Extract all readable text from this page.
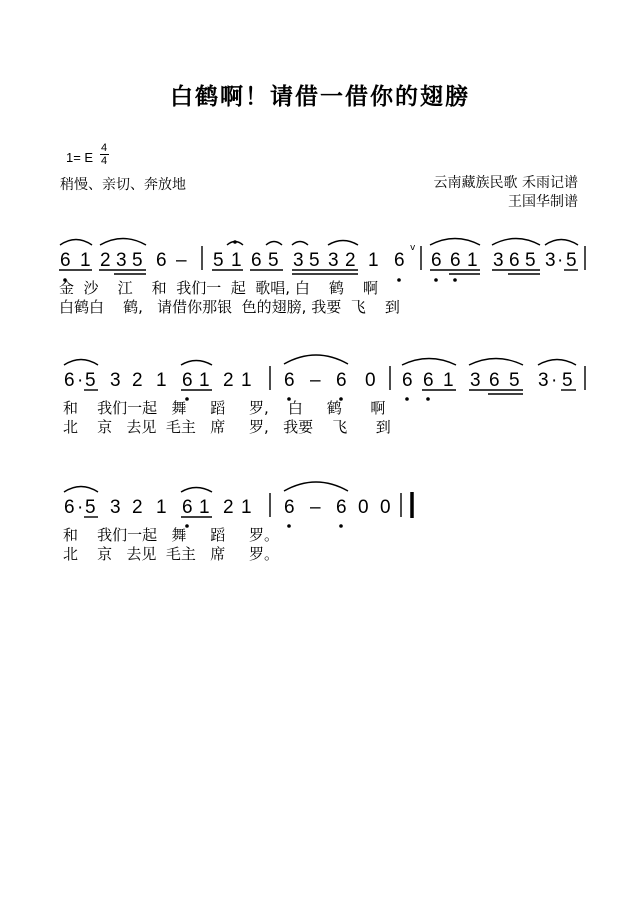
白鹤啊！请借一借你的翅膀
1= E
4
4
稍慢、亲切、奔放地	云南藏族民歌 禾雨记谱
王国华制谱
6 1 2 3 5 6 – 5 1 6 5 3 5 3 2 1 6 6 6 1 3 6 5 3 · 5
6 · 5 3 2 1 6 1 2 1 6 – 6 0 6 6 1 3 6 5 3 · 5
6 · 5 3 2 1 6 1 2 1 6 – 6 0 0
v
金  沙    江    和  我们一  起  歌唱, 白    鹤    啊
白鹤白    鹤,   请借你那银  色的翅膀, 我要  飞    到
和    我们一起   舞     蹈     罗,    白     鹤      啊
北    京   去见  毛主   席     罗,   我要    飞      到
和    我们一起   舞     蹈     罗。
北    京   去见  毛主   席     罗。
